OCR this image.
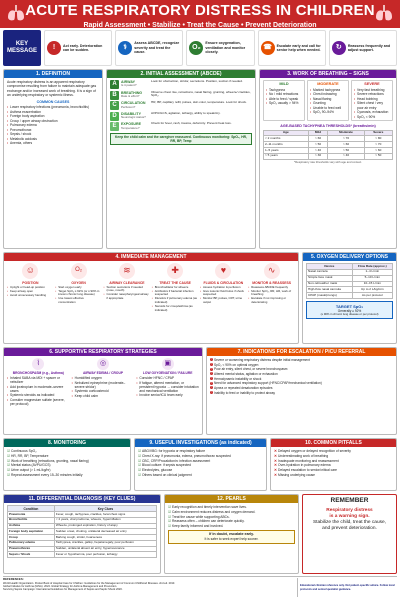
ACUTE RESPIRATORY DISTRESS IN CHILDREN
Rapid Assessment • Stabilize • Treat the Cause • Prevent Deterioration
KEY MESSAGE
!	Act early. Deterioration can be sudden.	⚕
Assess ABCDE, recognize severity and treat the cause.
O₂
Ensure oxygenation, ventilation and monitor closely.
☎	Escalate early and call for senior help when needed.	↻	Reassess frequently and adjust support.
1. DEFINITION
Acute respiratory distress is an apparent respiratory compromise resulting from failure to maintain adequate gas exchange and/or increased work of breathing. It is a sign of an underlying respiratory or systemic illness.
COMMON CAUSES
• Lower respiratory infections (pneumonia, bronchiolitis)
• Asthma exacerbation
• Foreign body aspiration
• Croup / upper airway obstruction
• Pulmonary edema
• Pneumothorax
• Sepsis / shock
• Metabolic acidosis
• Anemia, others
2. INITIAL ASSESSMENT (ABCDE)
A	AIRWAY
Is it patent?
Look for obstruction, stridor, secretions. Position, suction if needed.
B	BREATHING
Rate & effort?
Observe chest rise, retractions, nasal flaring, grunting, wheeze/ crackles, SpO₂.
C	CIRCULATION
Perfusion?
HR, BP, capillary refill, pulses, skin color, temperature. Look for shock.
D	DISABILITY
Neurologic status?
AVPU/GCS, agitation, lethargy, ability to speak/cry.
E	EXPOSURE
Temperature?
Check for fever, rash, trauma, deformity. Prevent heat loss.
Keep the child calm and the caregiver reassured. Continuous monitoring: SpO₂, HR, RR, BP, Temp
3. WORK OF BREATHING – SIGNS
MILD
• Tachypnea
• No / mild retractions
• Able to feed / speak
• SpO₂ usually > 94%
MODERATE
• Marked tachypnea
• Chest indrawing
• Nasal flaring
• Grunting
• Unable to feed well
• SpO₂ 90–94%
SEVERE
• Very fast breathing
• Severe retractions
• Head bobbing
• Silent chest / very poor air entry
• Cyanosis, exhaustion
• SpO₂ < 90%
AGE-BASED TACHYPNEA THRESHOLDS* (breaths/min)
Age	Mild	Moderate	Severe
< 2 months	> 60	> 70	> 80
2–11 months	> 50	> 60	> 70
1–5 years	> 40	> 50	> 60
> 5 years	> 30	> 40	> 50
*Respiratory rate thresholds vary with age and context.
4. IMMEDIATE MANAGEMENT
☺
POSITION
• Upright or head-up position
• Keep airway open
• Avoid unnecessary handling
O₂
OXYGEN
• Start oxygen early
• Target SpO₂ ≥ 92% (or ≥ 90% in known chronic lung disease)
• Use lowest effective concentration
≋
AIRWAY CLEARANCE
• Suction secretions if needed (nose, mouth)
• Consider nasopharyngeal airway if appropriate
✚
TREAT THE CAUSE
• Bronchodilator for wheeze
• Antibiotics if bacterial infection suspected
• Diuretics if pulmonary edema (as indicated)
• Steroids for croup/asthma (as indicated)
♥
FLUIDS & CIRCULATION
• Assess hydration & perfusion
• Give isotonic fluid bolus if shock suspected
• Monitor BP, pulses, CRT, urine output
∿
MONITOR & REASSESS
• Reassess ABCDE frequently
• Monitor SpO₂, RR, HR, work of breathing
• Escalate if not improving or deteriorating
5. OXYGEN DELIVERY OPTIONS
Device	Flow Rate (approx.)
Nasal cannula	1–4 L/min
Simple face mask	5–10 L/min
Non-rebreather mask	10–15 L/min
High-flow nasal cannula	Up to 2 L/kg/min
CPAP (mask/prongs)	As per protocol
TARGET SpO₂
Generally ≥ 92%
(≥ 90% in chronic lung disease or per protocol)
6. SUPPORTIVE RESPIRATORY STRATEGIES
⌇
BRONCHOSPASM (e.g., Asthma)
• Inhaled SABA via MDI + spacer or nebulizer
• Add ipratropium in moderate–severe cases
• Systemic steroids as indicated
• Consider magnesium sulfate (severe, per protocol)
◎
AIRWAY EDEMA / CROUP
• Humidified oxygen
• Nebulized epinephrine (moderate–severe stridor)
• Systemic corticosteroid
• Keep child calm
▣
LOW OXYGENATION / FAILURE
• Consider HFNC / CPAP
• If fatigue, altered mentation, or persistent hypoxia → consider intubation and mechanical ventilation
• Involve senior/ICU team early
7. INDICATIONS FOR ESCALATION / PICU REFERRAL
! Severe or worsening respiratory distress despite initial management
! SpO₂ < 90% on optimal oxygen
! Poor air entry, silent chest, or severe bronchospasm
! Altered mental status, agitation or exhaustion
! Hemodynamic instability or shock
! Need for advanced respiratory support (HFNC/CPAP/mechanical ventilation)
! Apnea or repeated desaturation episodes
! Inability to feed or inability to protect airway
8. MONITORING
☑ Continuous SpO₂
☑ HR, RR, BP, Temperature
☑ Work of breathing (retractions, grunting, nasal flaring)
☑ Mental status (AVPU/GCS)
☑ Urine output (> 1 mL/kg/hr)
☑ Repeat assessment every 15–30 minutes initially
9. USEFUL INVESTIGATIONS (as indicated)
☑ ABG/VBG: for hypoxia or respiratory failure
☑ Chest X-ray: if pneumonia, edema, pneumothorax suspected
☑ CBC, CRP/Procalcitonin: infection assessment
☑ Blood culture: if sepsis suspected
☑ Electrolytes, glucose
☑ Others based on clinical judgment
10. COMMON PITFALLS
✕ Delayed oxygen or delayed recognition of severity
✕ Underestimating work of breathing
✕ Inadequate monitoring and reassessment
✕ Over-hydration in pulmonary edema
✕ Delayed escalation to senior/critical care
✕ Missing underlying cause
11. DIFFERENTIAL DIAGNOSIS (KEY CLUES)
Condition	Key Clues
Pneumonia	Fever, cough, tachypnea, crackles, focal chest signs
Bronchiolitis	< 2 years, viral prodrome, wheeze, hyperinflation
Asthma	Wheeze, prolonged expiration, history of atopy
Foreign body aspiration	Sudden onset, choking, unilateral decreased air entry
Croup	Barking cough, stridor, hoarseness
Pulmonary edema	Tachypnea, crackles, gallop, hepatomegaly, poor perfusion
Pneumothorax	Sudden, unilateral absent air entry, hyperresonance
Sepsis / Shock	Fever or hypothermia, poor perfusion, lethargy
12. PEARLS
☑ Early recognition and timely intervention save lives.
☑ Calm environment reduces distress and oxygen demand.
☑ Treat the cause while supporting ABCs.
☑ Reassess often – children can deteriorate quickly.
☑ Keep family informed and involved.
If in doubt, escalate early.
It is safer to seek expert help sooner.
REMEMBER
Respiratory distress
is a warning sign.
Stabilize the child, treat the cause,
and prevent deterioration.
REFERENCES:
World Health Organization. Pocket Book of Hospital Care for Children: Guidelines for the Management of Common Childhood Illnesses. 2nd ed. 2013.
Global Initiative for Asthma (GINA). 2024. Global Strategy for Asthma Management and Prevention.
Surviving Sepsis Campaign: International Guidelines for Management of Sepsis and Septic Shock 2020.
Educational clinician reference only. Not patient-specific advice. Follow local protocols and senior/specialist guidance.
